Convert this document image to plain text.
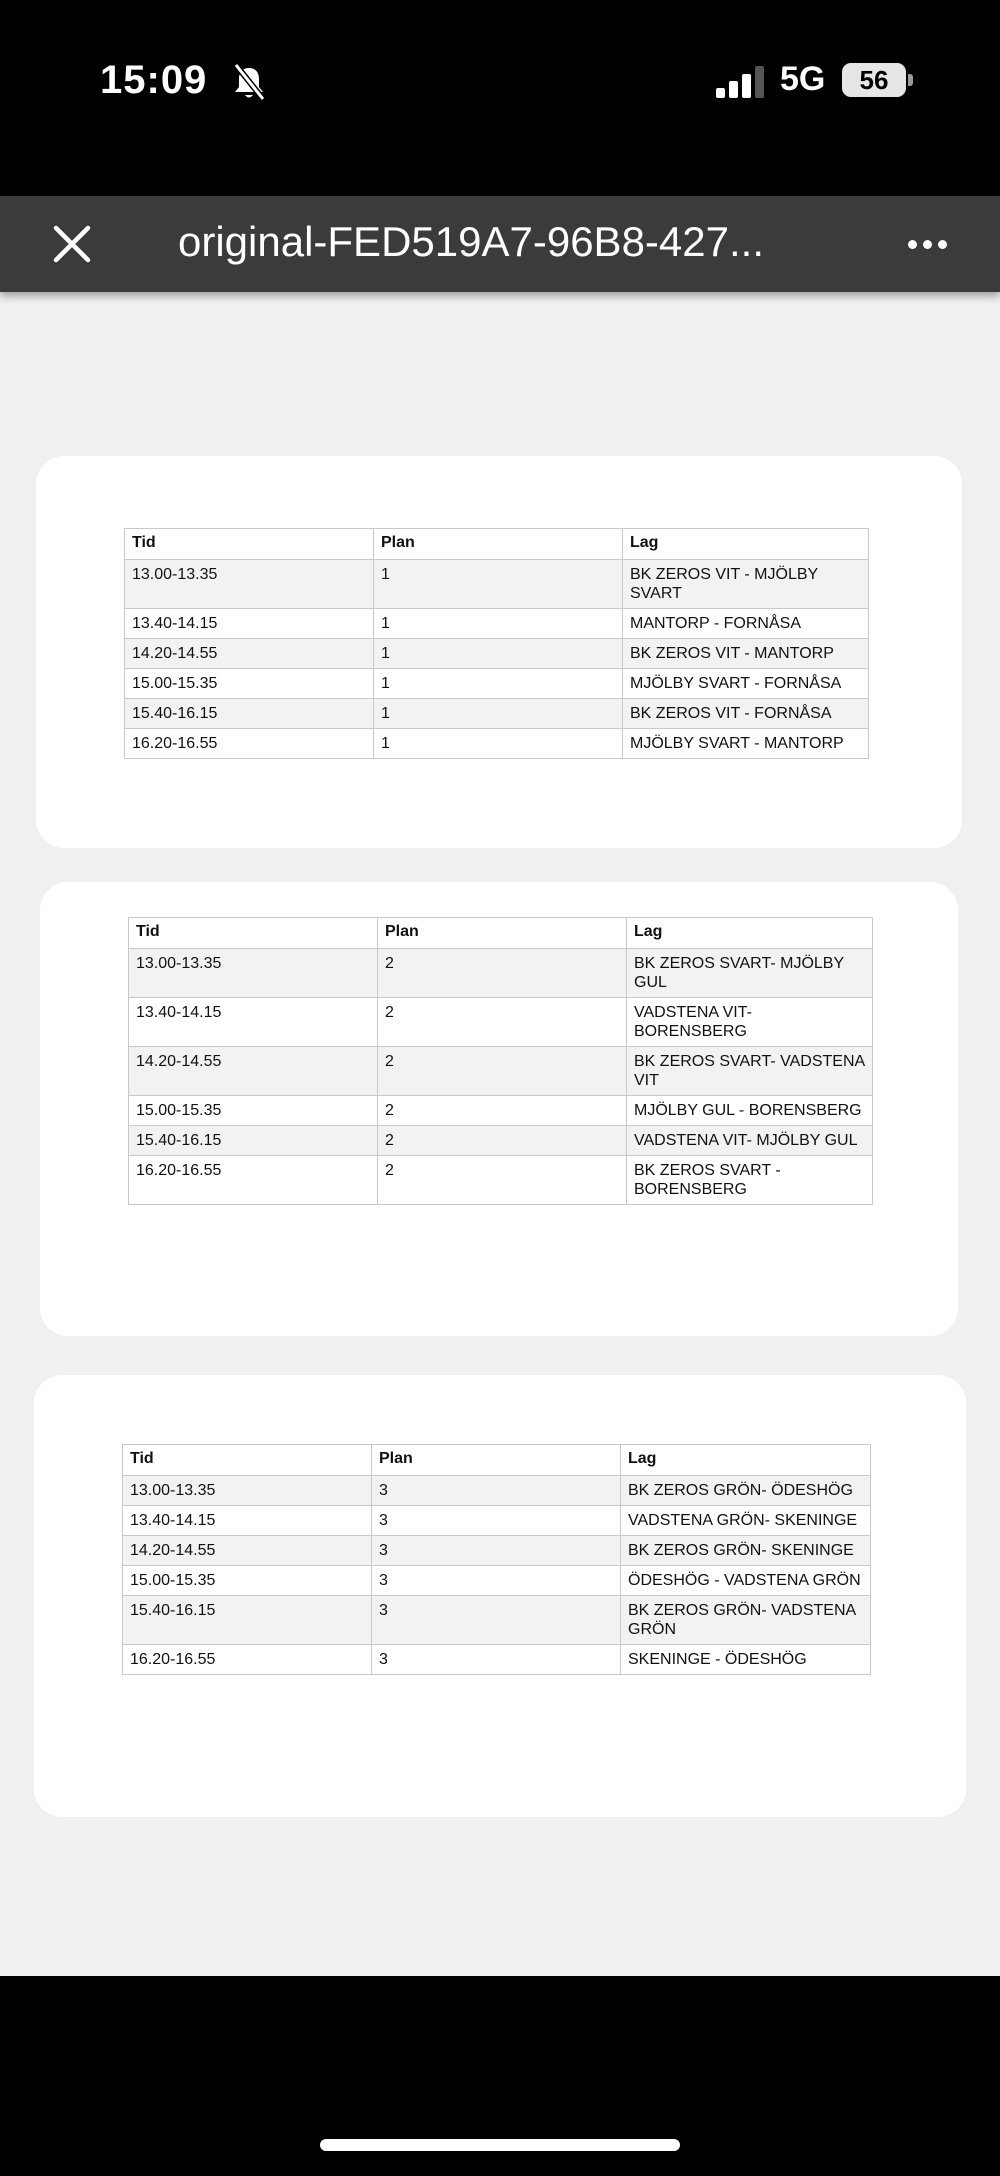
15:09	5G	56
original-FED519A7-96B8-427...
Tid	Plan	Lag
13.00-13.35	1	BK ZEROS VIT - MJÖLBY SVART
13.40-14.15	1	MANTORP - FORNÅSA
14.20-14.55	1	BK ZEROS VIT - MANTORP
15.00-15.35	1	MJÖLBY SVART - FORNÅSA
15.40-16.15	1	BK ZEROS VIT - FORNÅSA
16.20-16.55	1	MJÖLBY SVART - MANTORP
Tid	Plan	Lag
13.00-13.35	2	BK ZEROS SVART- MJÖLBY GUL
13.40-14.15	2	VADSTENA VIT- BORENSBERG
14.20-14.55	2	BK ZEROS SVART- VADSTENA VIT
15.00-15.35	2	MJÖLBY GUL - BORENSBERG
15.40-16.15	2	VADSTENA VIT- MJÖLBY GUL
16.20-16.55	2	BK ZEROS SVART - BORENSBERG
Tid	Plan	Lag
13.00-13.35	3	BK ZEROS GRÖN- ÖDESHÖG
13.40-14.15	3	VADSTENA GRÖN- SKENINGE
14.20-14.55	3	BK ZEROS GRÖN- SKENINGE
15.00-15.35	3	ÖDESHÖG - VADSTENA GRÖN
15.40-16.15	3	BK ZEROS GRÖN- VADSTENA GRÖN
16.20-16.55	3	SKENINGE - ÖDESHÖG
